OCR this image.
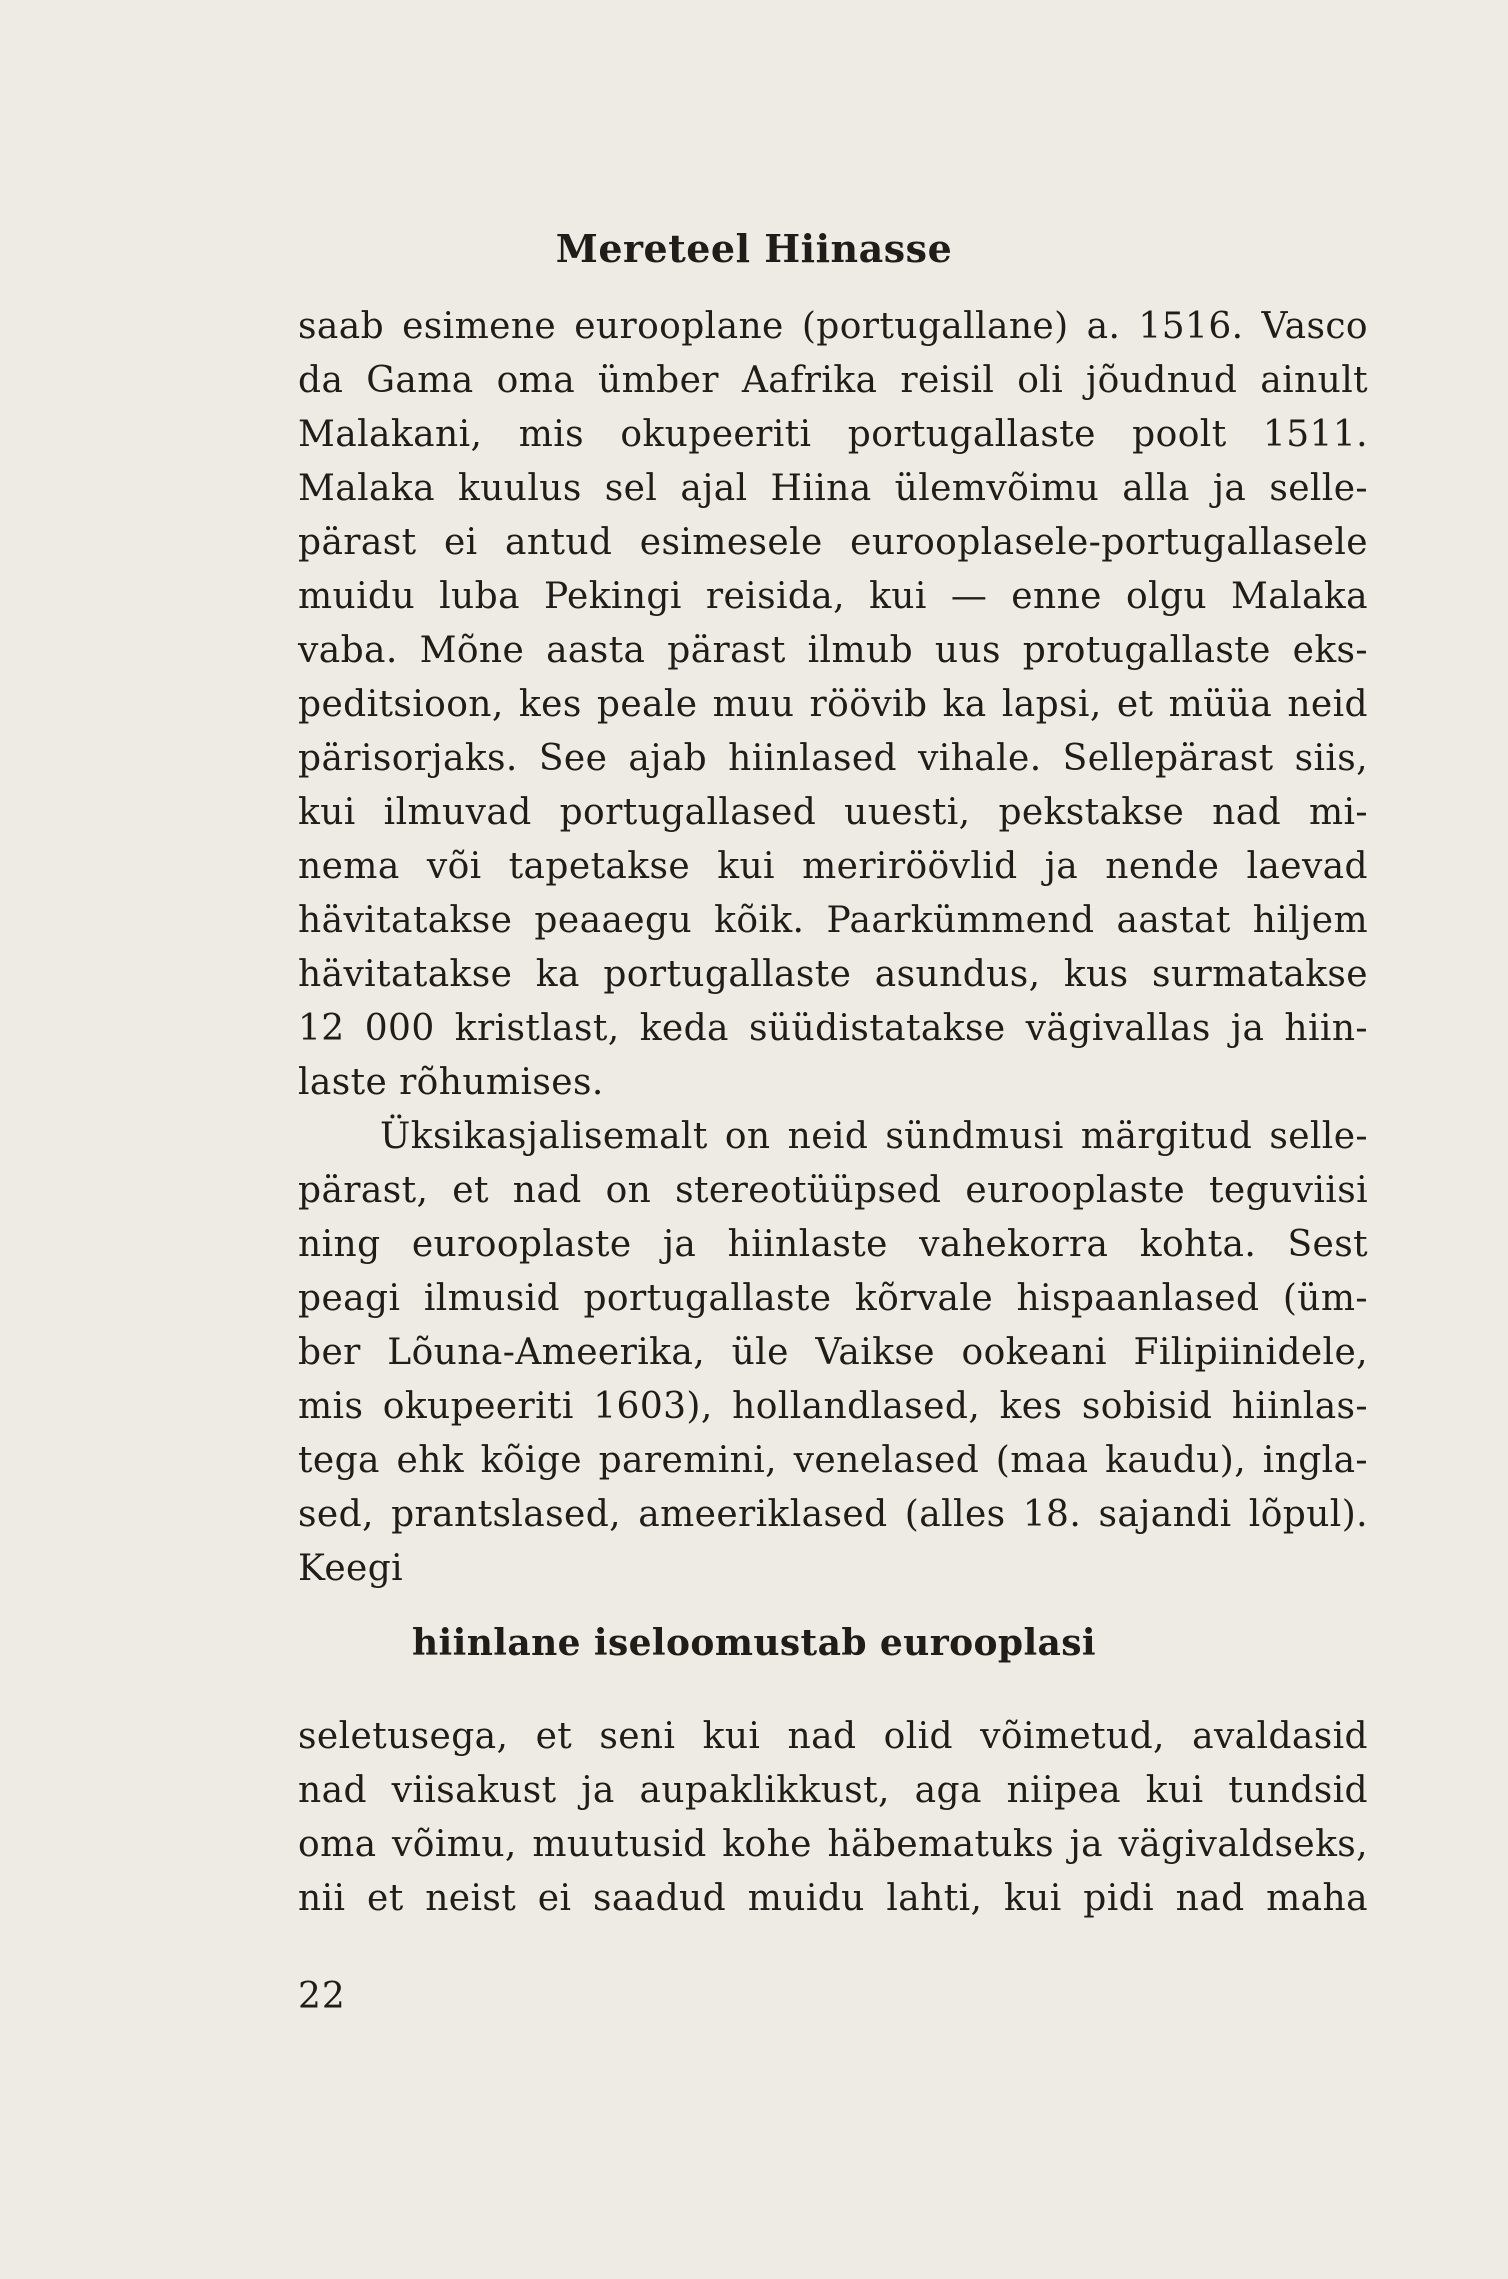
Mereteel Hiinasse
saab esimene eurooplane (portugallane) a. 1516. Vasco
da Gama oma ümber Aafrika reisil oli jõudnud ainult
Malakani, mis okupeeriti portugallaste poolt 1511.
Malaka kuulus sel ajal Hiina ülemvõimu alla ja selle-
pärast ei antud esimesele eurooplasele-portugallasele
muidu luba Pekingi reisida, kui — enne olgu Malaka
vaba. Mõne aasta pärast ilmub uus protugallaste eks-
peditsioon, kes peale muu röövib ka lapsi, et müüa neid
pärisorjaks. See ajab hiinlased vihale. Sellepärast siis,
kui ilmuvad portugallased uuesti, pekstakse nad mi-
nema või tapetakse kui meriröövlid ja nende laevad
hävitatakse peaaegu kõik. Paarkümmend aastat hiljem
hävitatakse ka portugallaste asundus, kus surmatakse
12 000 kristlast, keda süüdistatakse vägivallas ja hiin-
laste rõhumises.
Üksikasjalisemalt on neid sündmusi märgitud selle-
pärast, et nad on stereotüüpsed eurooplaste teguviisi
ning eurooplaste ja hiinlaste vahekorra kohta. Sest
peagi ilmusid portugallaste kõrvale hispaanlased (üm-
ber Lõuna-Ameerika, üle Vaikse ookeani Filipiinidele,
mis okupeeriti 1603), hollandlased, kes sobisid hiinlas-
tega ehk kõige paremini, venelased (maa kaudu), ingla-
sed, prantslased, ameeriklased (alles 18. sajandi lõpul).
Keegi
hiinlane iseloomustab eurooplasi
seletusega, et seni kui nad olid võimetud, avaldasid
nad viisakust ja aupaklikkust, aga niipea kui tundsid
oma võimu, muutusid kohe häbematuks ja vägivaldseks,
nii et neist ei saadud muidu lahti, kui pidi nad maha
22
